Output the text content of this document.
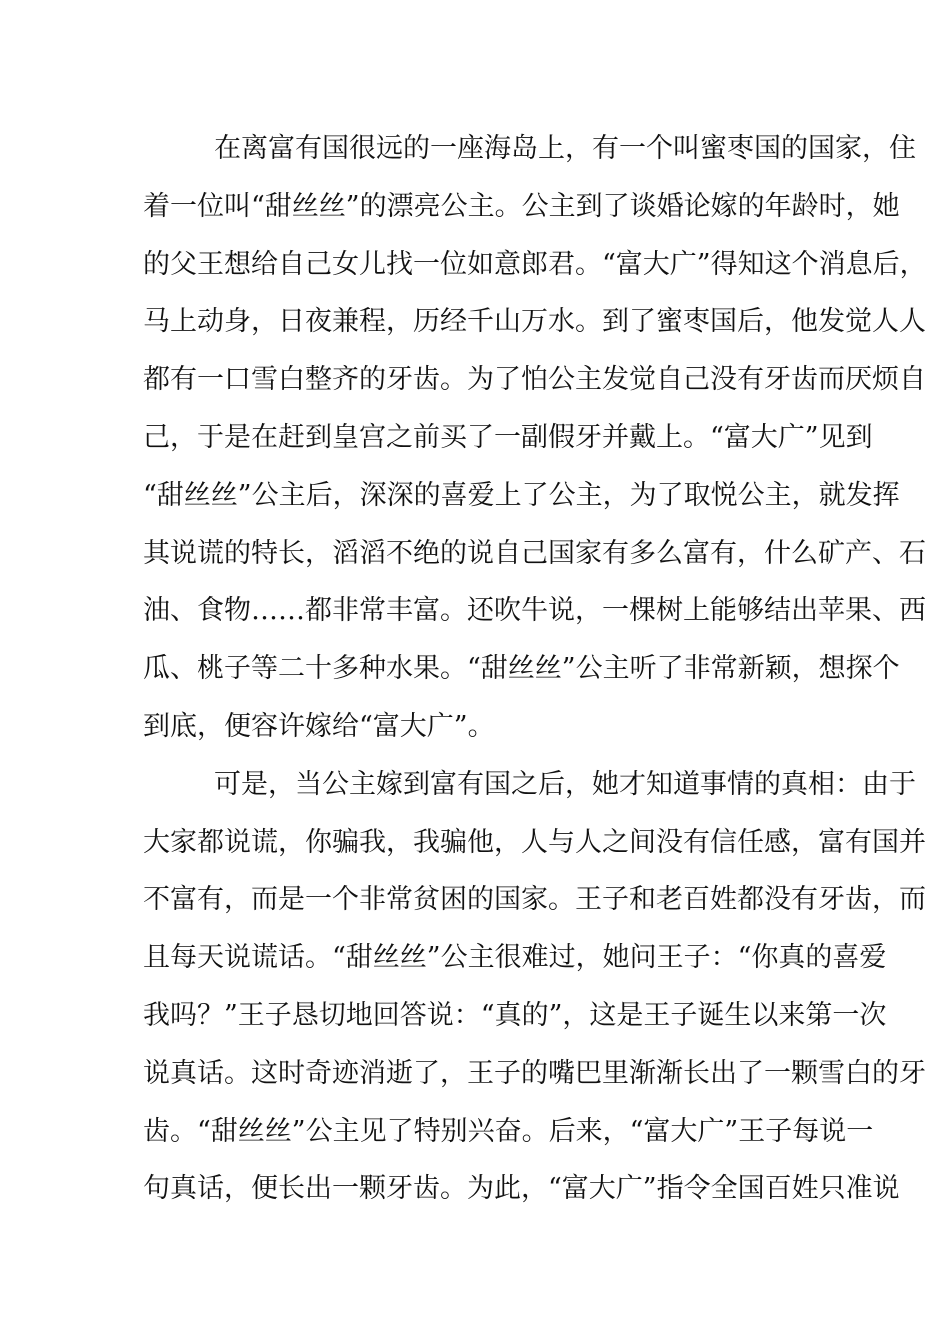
在离富有国很远的一座海岛上，有一个叫蜜枣国的国家，住
着一位叫“甜丝丝”的漂亮公主。公主到了谈婚论嫁的年龄时，她
的父王想给自己女儿找一位如意郎君。“富大广”得知这个消息后，
马上动身，日夜兼程，历经千山万水。到了蜜枣国后，他发觉人人
都有一口雪白整齐的牙齿。为了怕公主发觉自己没有牙齿而厌烦自
己，于是在赶到皇宫之前买了一副假牙并戴上。“富大广”见到
“甜丝丝”公主后，深深的喜爱上了公主，为了取悦公主，就发挥
其说谎的特长，滔滔不绝的说自己国家有多么富有，什么矿产、石
油、食物……都非常丰富。还吹牛说，一棵树上能够结出苹果、西
瓜、桃子等二十多种水果。“甜丝丝”公主听了非常新颖，想探个
到底，便容许嫁给“富大广”。
可是，当公主嫁到富有国之后，她才知道事情的真相：由于
大家都说谎，你骗我，我骗他，人与人之间没有信任感，富有国并
不富有，而是一个非常贫困的国家。王子和老百姓都没有牙齿，而
且每天说谎话。“甜丝丝”公主很难过，她问王子：“你真的喜爱
我吗？”王子恳切地回答说：“真的”，这是王子诞生以来第一次
说真话。这时奇迹消逝了，王子的嘴巴里渐渐长出了一颗雪白的牙
齿。“甜丝丝”公主见了特别兴奋。后来，“富大广”王子每说一
句真话，便长出一颗牙齿。为此，“富大广”指令全国百姓只准说
